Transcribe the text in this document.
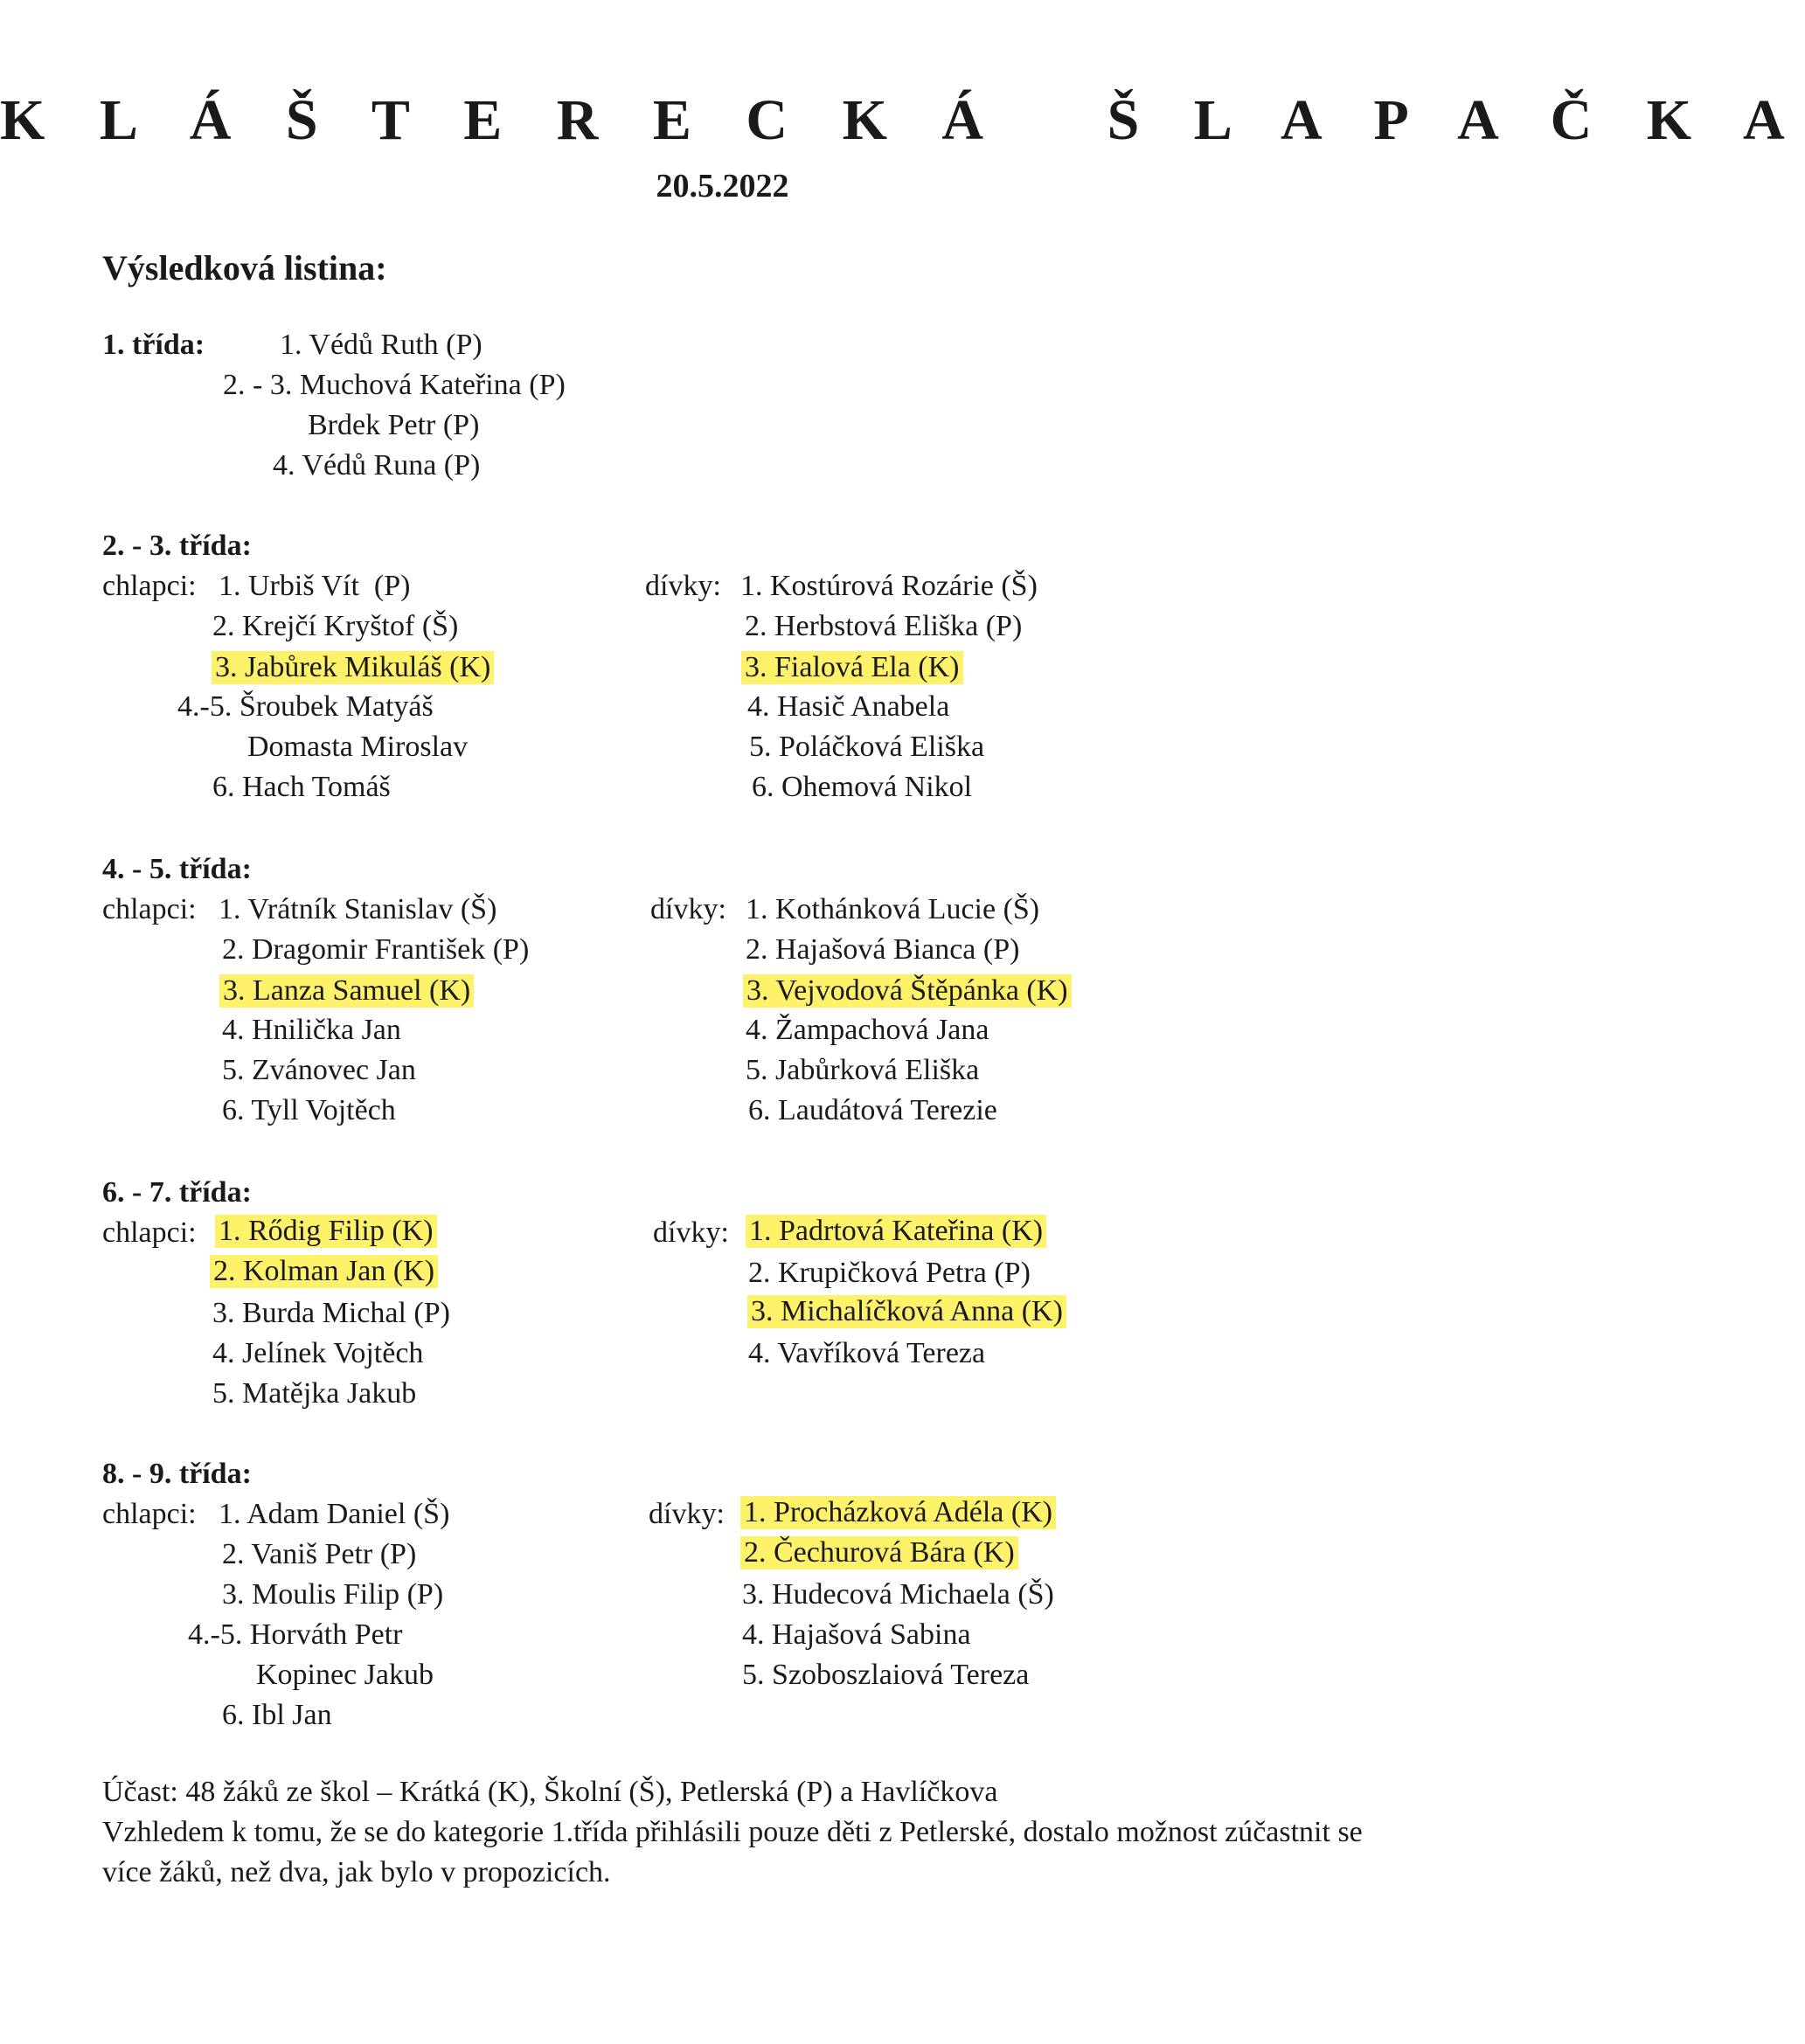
K L Á Š T E R E C K Á   Š L A P A Č K A
20.5.2022
Výsledková listina:
1. třída:	1. Védů Ruth (P)
2. - 3. Muchová Kateřina (P)
Brdek Petr (P)
4. Védů Runa (P)
2. - 3. třída:
chlapci: 1. Urbiš Vít  (P)
2. Krejčí Kryštof (Š)
3. Jabůrek Mikuláš (K)
4.-5. Šroubek Matyáš
Domasta Miroslav
6. Hach Tomáš
dívky: 1. Kostúrová Rozárie (Š)
2. Herbstová Eliška (P)
3. Fialová Ela (K)
4. Hasič Anabela
5. Poláčková Eliška
6. Ohemová Nikol
4. - 5. třída:
chlapci: 1. Vrátník Stanislav (Š)
2. Dragomir František (P)
3. Lanza Samuel (K)
4. Hnilička Jan
5. Zvánovec Jan
6. Tyll Vojtěch
dívky: 1. Kothánková Lucie (Š)
2. Hajašová Bianca (P)
3. Vejvodová Štěpánka (K)
4. Žampachová Jana
5. Jabůrková Eliška
6. Laudátová Terezie
6. - 7. třída:
chlapci: 1. Rődig Filip (K)
2. Kolman Jan (K)
3. Burda Michal (P)
4. Jelínek Vojtěch
5. Matějka Jakub
dívky: 1. Padrtová Kateřina (K)
2. Krupičková Petra (P)
3. Michalíčková Anna (K)
4. Vavříková Tereza
8. - 9. třída:
chlapci: 1. Adam Daniel (Š)
2. Vaniš Petr (P)
3. Moulis Filip (P)
4.-5. Horváth Petr
Kopinec Jakub
6. Ibl Jan
dívky: 1. Procházková Adéla (K)
2. Čechurová Bára (K)
3. Hudecová Michaela (Š)
4. Hajašová Sabina
5. Szoboszlaiová Tereza
Účast: 48 žáků ze škol – Krátká (K), Školní (Š), Petlerská (P) a Havlíčkova
Vzhledem k tomu, že se do kategorie 1.třída přihlásili pouze děti z Petlerské, dostalo možnost zúčastnit se více žáků, než dva, jak bylo v propozicích.
